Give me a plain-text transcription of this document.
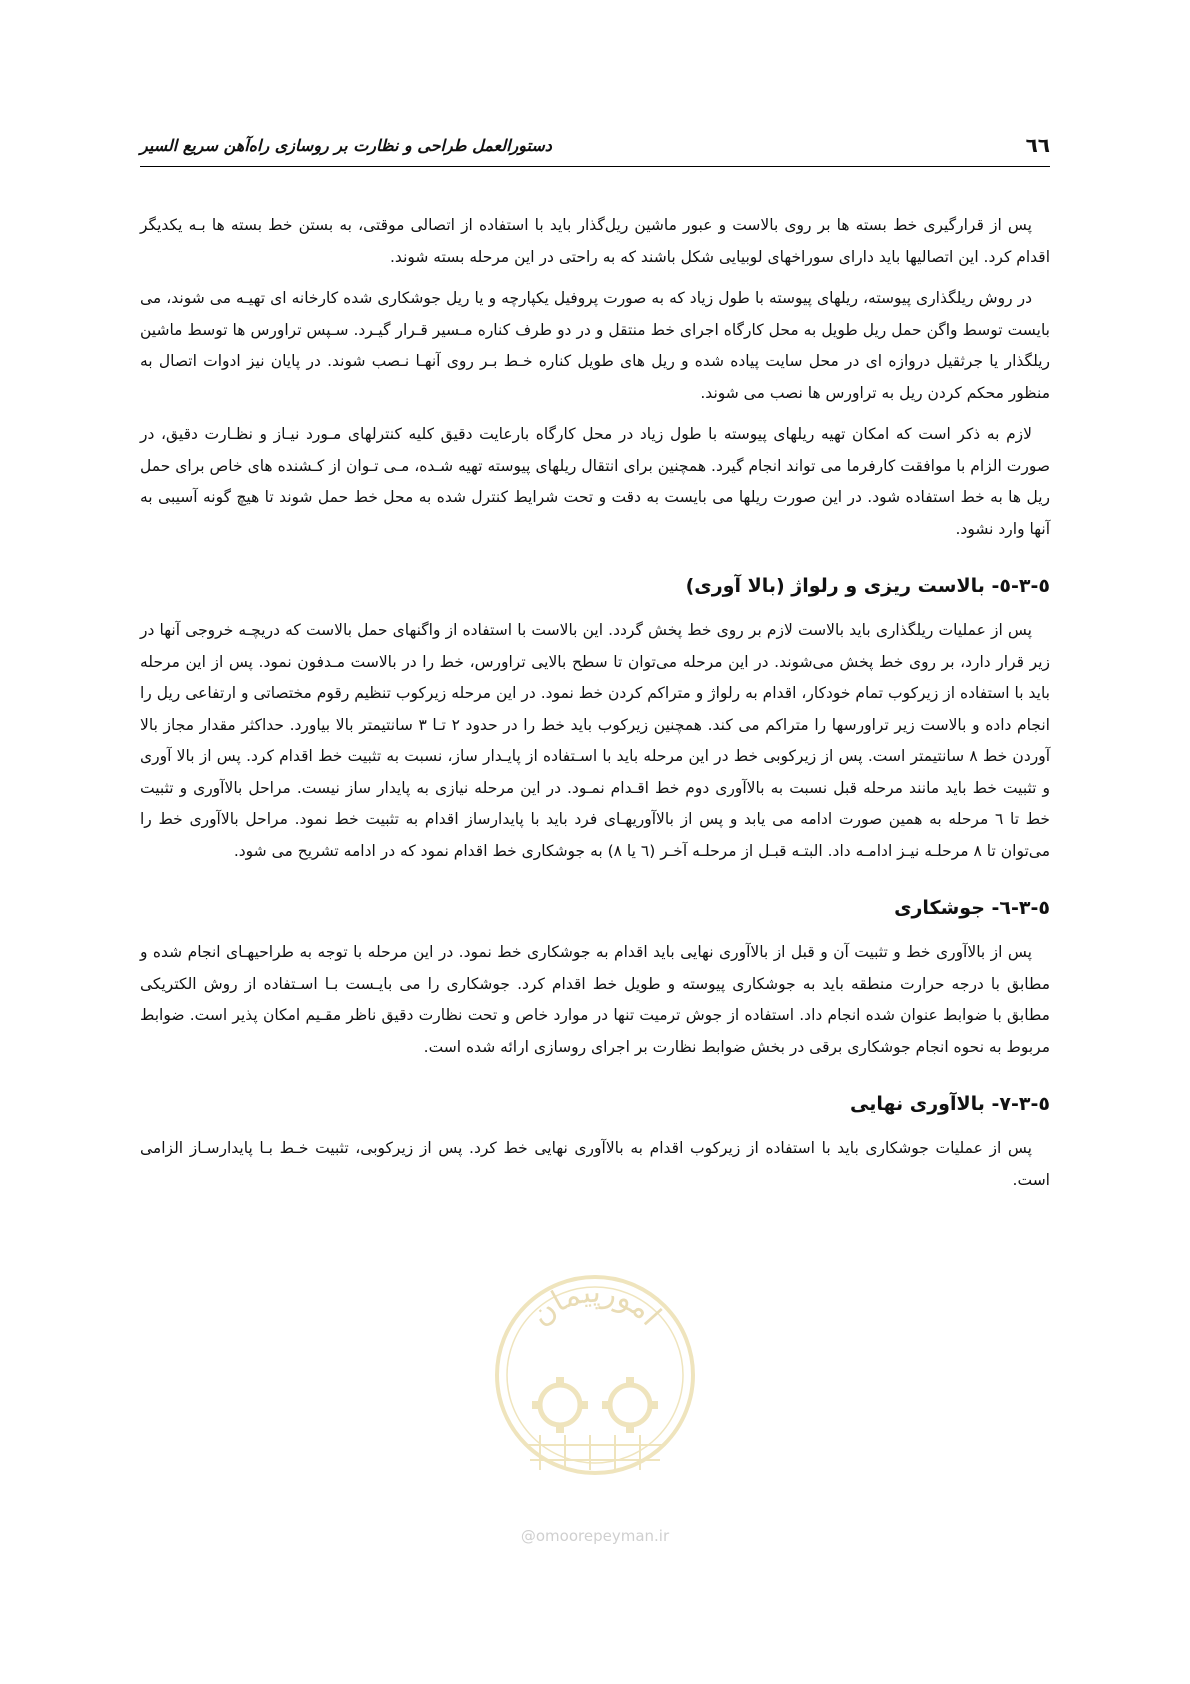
٦٦
دستورالعمل طراحی و نظارت بر روسازی راه‌آهن سریع السیر

پس از قرارگیری خط بسته ها بر روی بالاست و عبور ماشین ریل‌گذار باید با استفاده از اتصالی موقتی، به بستن خط بسته ها بـه یکدیگر اقدام کرد. این اتصالیها باید دارای سوراخهای لوبیایی شکل باشند که به راحتی در این مرحله بسته شوند.

در روش ریلگذاری پیوسته، ریلهای پیوسته با طول زیاد که به صورت پروفیل یکپارچه و یا ریل جوشکاری شده کارخانه ای تهیـه می شوند، می بایست توسط واگن حمل ریل طویل به محل کارگاه اجرای خط منتقل و در دو طرف کناره مـسیر قـرار گیـرد. سـپس تراورس ها توسط ماشین ریلگذار یا جرثقیل دروازه ای در محل سایت پیاده شده و ریل های طویل کناره خـط بـر روی آنهـا نـصب شوند. در پایان نیز ادوات اتصال به منظور محکم کردن ریل به تراورس ها نصب می شوند.

لازم به ذکر است که امکان تهیه ریلهای پیوسته با طول زیاد در محل کارگاه بارعایت دقیق کلیه کنترلهای مـورد نیـاز و نظـارت دقیق، در صورت الزام با موافقت کارفرما می تواند انجام گیرد. همچنین برای انتقال ریلهای پیوسته تهیه شـده، مـی تـوان از کـشنده های خاص برای حمل ریل ها به خط استفاده شود. در این صورت ریلها می بایست به دقت و تحت شرایط کنترل شده به محل خط حمل شوند تا هیچ گونه آسیبی به آنها وارد نشود.

٥-٣-٥- بالاست ریزی و رلواژ (بالا آوری)

پس از عملیات ریلگذاری باید بالاست لازم بر روی خط پخش گردد. این بالاست با استفاده از واگنهای حمل بالاست که دریچـه خروجی آنها در زیر قرار دارد، بر روی خط پخش می‌شوند. در این مرحله می‌توان تا سطح بالایی تراورس، خط را در بالاست مـدفون نمود. پس از این مرحله باید با استفاده از زیرکوب تمام خودکار، اقدام به رلواژ و متراکم کردن خط نمود. در این مرحله زیرکوب تنظیم رقوم مختصاتی و ارتفاعی ریل را انجام داده و بالاست زیر تراورسها را متراکم می کند. همچنین زیرکوب باید خط را در حدود ٢ تـا ٣ سانتیمتر بالا بیاورد. حداکثر مقدار مجاز بالا آوردن خط ٨ سانتیمتر است. پس از زیرکوبی خط در این مرحله باید با اسـتفاده از پایـدار ساز، نسبت به تثبیت خط اقدام کرد. پس از بالا آوری و تثبیت خط باید مانند مرحله قبل نسبت به بالاآوری دوم خط اقـدام نمـود. در این مرحله نیازی به پایدار ساز نیست. مراحل بالاآوری و تثبیت خط تا ٦ مرحله به همین صورت ادامه می یابد و پس از بالاآوریهـای فرد باید با پایدارساز اقدام به تثبیت خط نمود. مراحل بالاآوری خط را می‌توان تا ٨ مرحلـه نیـز ادامـه داد. البتـه قبـل از مرحلـه آخـر (٦ یا ٨) به جوشکاری خط اقدام نمود که در ادامه تشریح می شود.

٥-٣-٦- جوشکاری

پس از بالاآوری خط و تثبیت آن و قبل از بالاآوری نهایی باید اقدام به جوشکاری خط نمود. در این مرحله با توجه به طراحیهـای انجام شده و مطابق با درجه حرارت منطقه باید به جوشکاری پیوسته و طویل خط اقدام کرد. جوشکاری را می بایـست بـا اسـتفاده از روش الکتریکی مطابق با ضوابط عنوان شده انجام داد. استفاده از جوش ترمیت تنها در موارد خاص و تحت نظارت دقیق ناظر مقـیم امکان پذیر است. ضوابط مربوط به نحوه انجام جوشکاری برقی در بخش ضوابط نظارت بر اجرای روسازی ارائه شده است.

٥-٣-٧- بالاآوری نهایی

پس از عملیات جوشکاری باید با استفاده از زیرکوب اقدام به بالاآوری نهایی خط کرد. پس از زیرکوبی، تثبیت خـط بـا پایدارسـاز الزامی است.

امورپیمان
@omoorepeyman.ir
